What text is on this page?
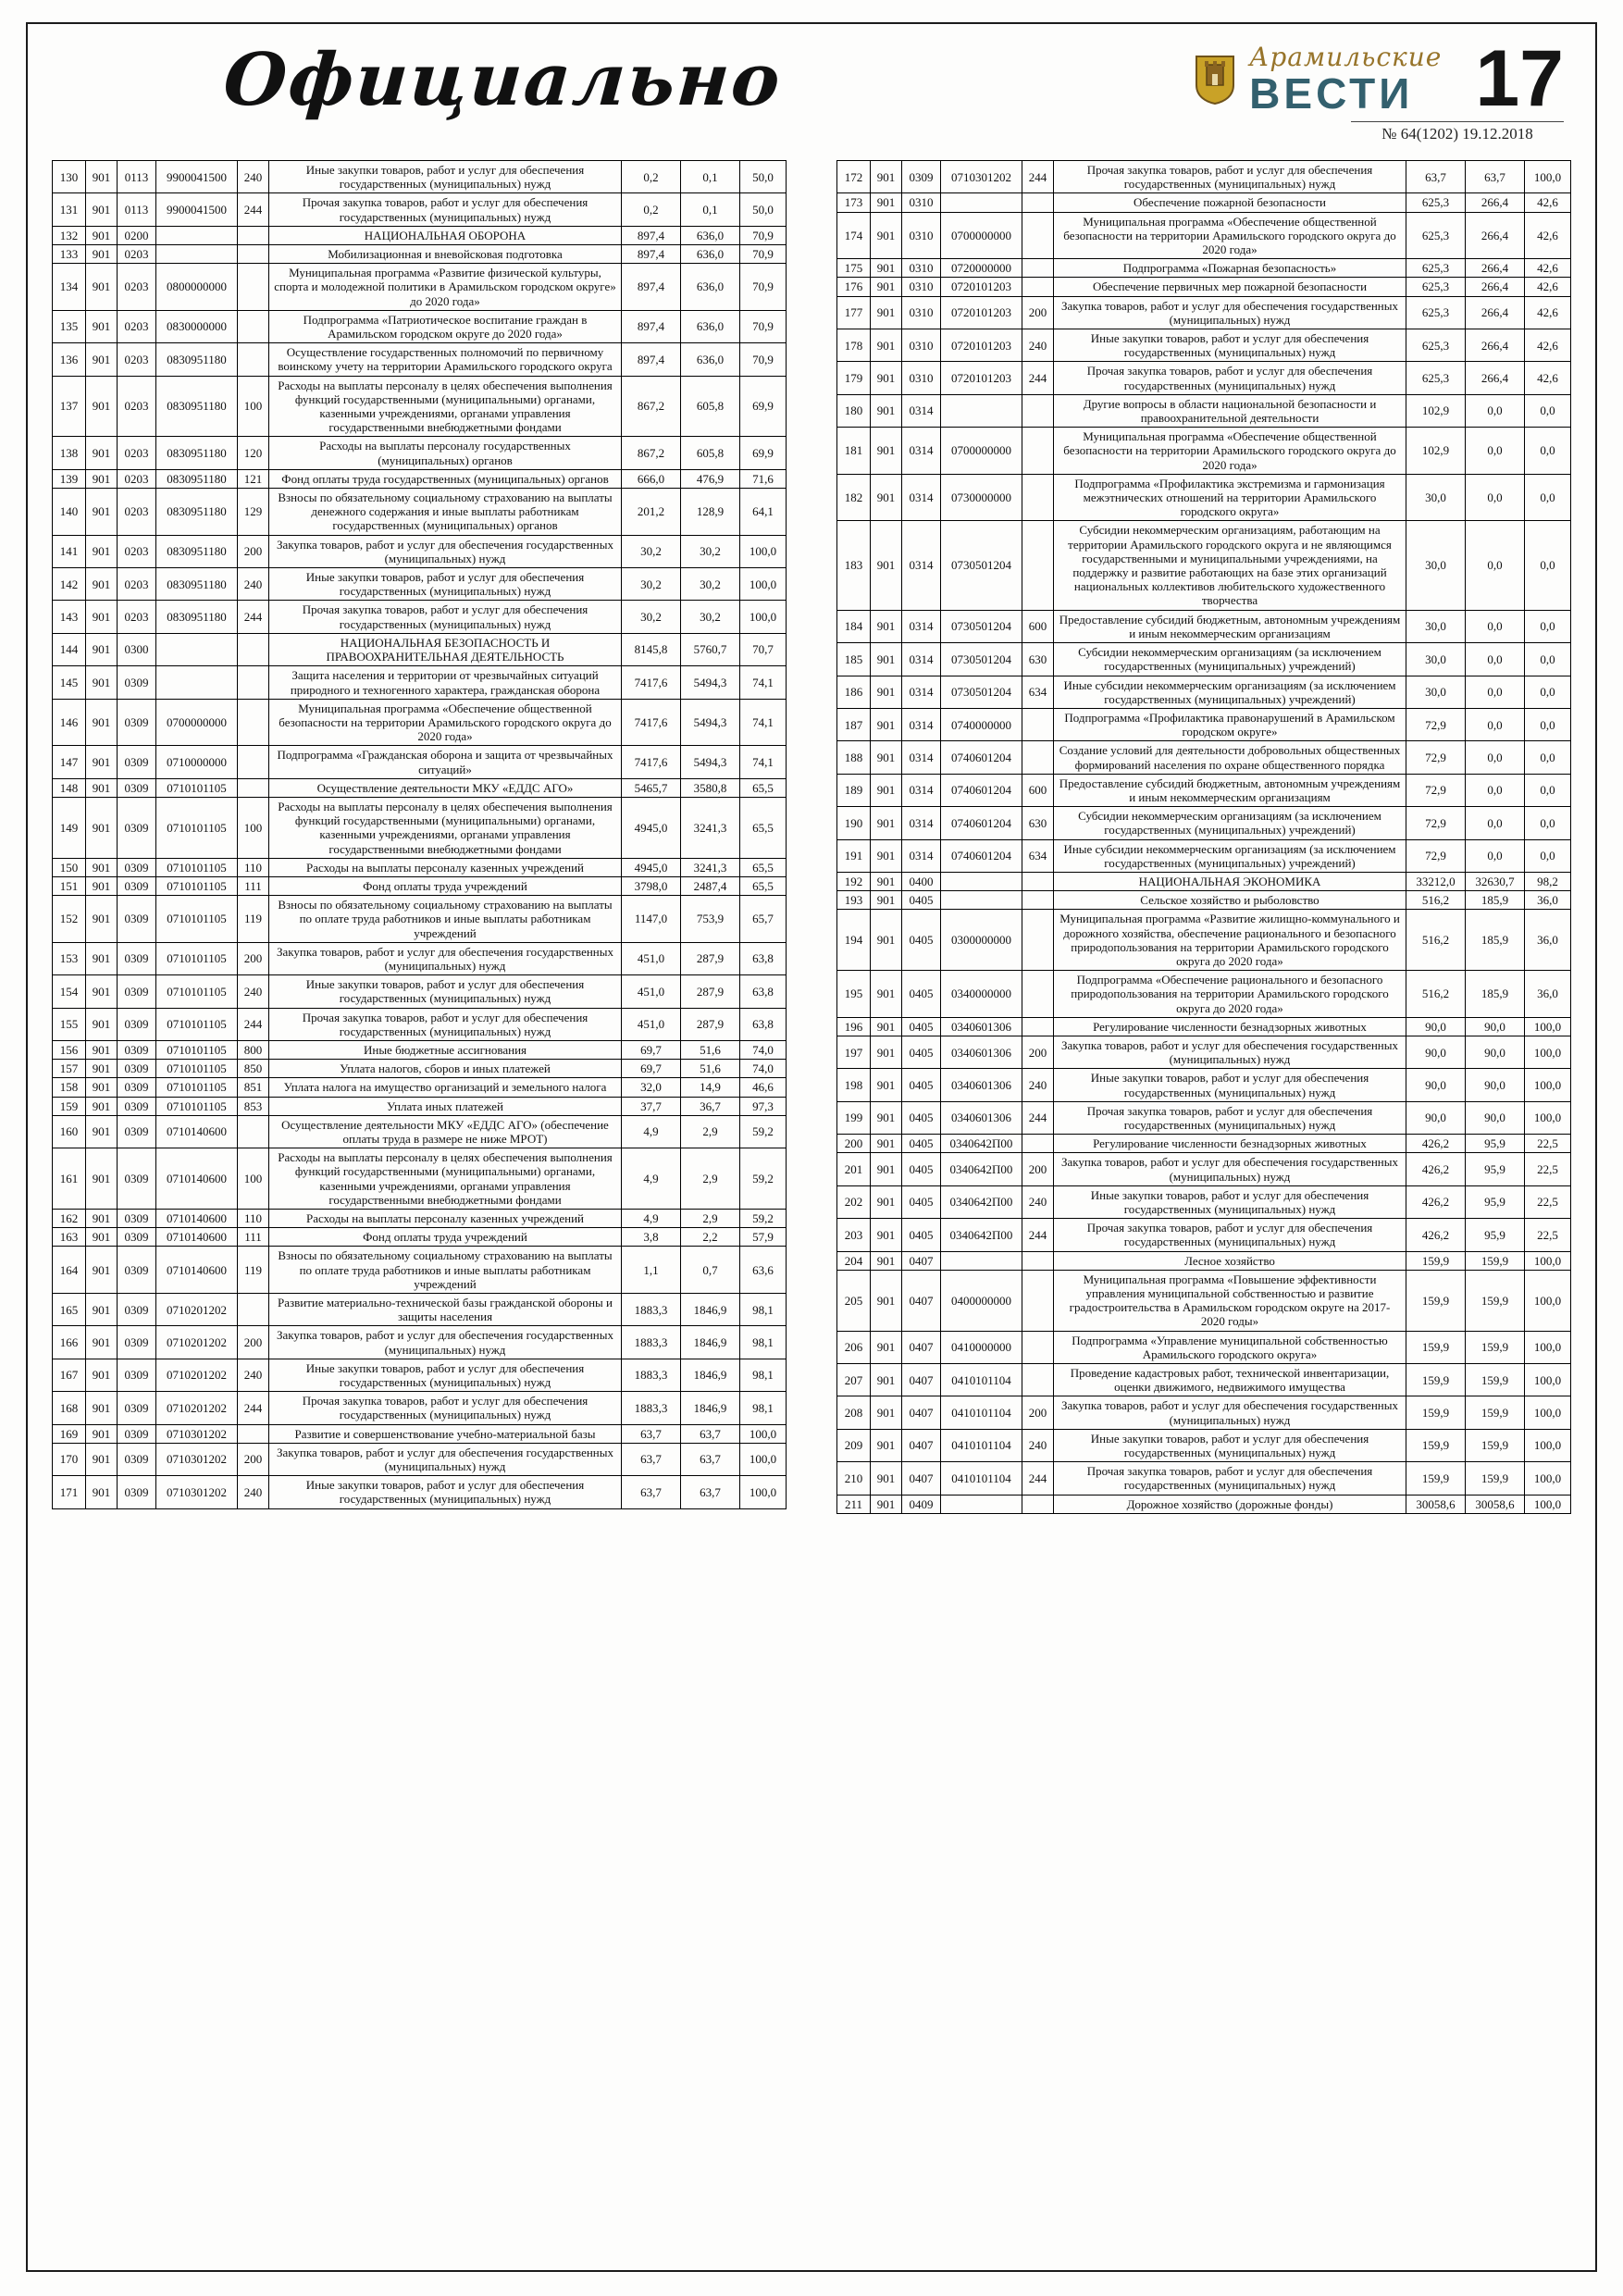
Официально	Арамильские
ВЕСТИ 17
№ 64(1202) 19.12.2018
130	901	0113	9900041500	240	Иные закупки товаров, работ и услуг для обеспечения государственных (муниципальных) нужд	0,2	0,1	50,0
131	901	0113	9900041500	244	Прочая закупка товаров, работ и услуг для обеспечения государственных (муниципальных) нужд	0,2	0,1	50,0
132	901	0200			НАЦИОНАЛЬНАЯ ОБОРОНА	897,4	636,0	70,9
133	901	0203			Мобилизационная и вневойсковая подготовка	897,4	636,0	70,9
134	901	0203	0800000000		Муниципальная программа «Развитие физической культуры, спорта и молодежной политики в Арамильском городском округе» до 2020 года»	897,4	636,0	70,9
135	901	0203	0830000000		Подпрограмма «Патриотическое воспитание граждан в Арамильском городском округе до 2020 года»	897,4	636,0	70,9
136	901	0203	0830951180		Осуществление государственных полномочий по первичному воинскому учету на территории Арамильского городского округа	897,4	636,0	70,9
137	901	0203	0830951180	100	Расходы на выплаты персоналу в целях обеспечения выполнения функций государственными (муниципальными) органами, казенными учреждениями, органами управления государственными внебюджетными фондами	867,2	605,8	69,9
138	901	0203	0830951180	120	Расходы на выплаты персоналу государственных (муниципальных) органов	867,2	605,8	69,9
139	901	0203	0830951180	121	Фонд оплаты труда государственных (муниципальных) органов	666,0	476,9	71,6
140	901	0203	0830951180	129	Взносы по обязательному социальному страхованию на выплаты денежного содержания и иные выплаты работникам государственных (муниципальных) органов	201,2	128,9	64,1
141	901	0203	0830951180	200	Закупка товаров, работ и услуг для обеспечения государственных (муниципальных) нужд	30,2	30,2	100,0
142	901	0203	0830951180	240	Иные закупки товаров, работ и услуг для обеспечения государственных (муниципальных) нужд	30,2	30,2	100,0
143	901	0203	0830951180	244	Прочая закупка товаров, работ и услуг для обеспечения государственных (муниципальных) нужд	30,2	30,2	100,0
144	901	0300			НАЦИОНАЛЬНАЯ БЕЗОПАСНОСТЬ И ПРАВООХРАНИТЕЛЬНАЯ ДЕЯТЕЛЬНОСТЬ	8145,8	5760,7	70,7
145	901	0309			Защита населения и территории от чрезвычайных ситуаций природного и техногенного характера, гражданская оборона	7417,6	5494,3	74,1
146	901	0309	0700000000		Муниципальная программа «Обеспечение общественной безопасности на территории Арамильского городского округа до 2020 года»	7417,6	5494,3	74,1
147	901	0309	0710000000		Подпрограмма «Гражданская оборона и защита от чрезвычайных ситуаций»	7417,6	5494,3	74,1
148	901	0309	0710101105		Осуществление деятельности МКУ «ЕДДС АГО»	5465,7	3580,8	65,5
149	901	0309	0710101105	100	Расходы на выплаты персоналу в целях обеспечения выполнения функций государственными (муниципальными) органами, казенными учреждениями, органами управления государственными внебюджетными фондами	4945,0	3241,3	65,5
150	901	0309	0710101105	110	Расходы на выплаты персоналу казенных учреждений	4945,0	3241,3	65,5
151	901	0309	0710101105	111	Фонд оплаты труда учреждений	3798,0	2487,4	65,5
152	901	0309	0710101105	119	Взносы по обязательному социальному страхованию на выплаты по оплате труда работников и иные выплаты работникам учреждений	1147,0	753,9	65,7
153	901	0309	0710101105	200	Закупка товаров, работ и услуг для обеспечения государственных (муниципальных) нужд	451,0	287,9	63,8
154	901	0309	0710101105	240	Иные закупки товаров, работ и услуг для обеспечения государственных (муниципальных) нужд	451,0	287,9	63,8
155	901	0309	0710101105	244	Прочая закупка товаров, работ и услуг для обеспечения государственных (муниципальных) нужд	451,0	287,9	63,8
156	901	0309	0710101105	800	Иные бюджетные ассигнования	69,7	51,6	74,0
157	901	0309	0710101105	850	Уплата налогов, сборов и иных платежей	69,7	51,6	74,0
158	901	0309	0710101105	851	Уплата налога на имущество организаций и земельного налога	32,0	14,9	46,6
159	901	0309	0710101105	853	Уплата иных платежей	37,7	36,7	97,3
160	901	0309	0710140600		Осуществление деятельности МКУ «ЕДДС АГО» (обеспечение оплаты труда в размере не ниже МРОТ)	4,9	2,9	59,2
161	901	0309	0710140600	100	Расходы на выплаты персоналу в целях обеспечения выполнения функций государственными (муниципальными) органами, казенными учреждениями, органами управления государственными внебюджетными фондами	4,9	2,9	59,2
162	901	0309	0710140600	110	Расходы на выплаты персоналу казенных учреждений	4,9	2,9	59,2
163	901	0309	0710140600	111	Фонд оплаты труда учреждений	3,8	2,2	57,9
164	901	0309	0710140600	119	Взносы по обязательному социальному страхованию на выплаты по оплате труда работников и иные выплаты работникам учреждений	1,1	0,7	63,6
165	901	0309	0710201202		Развитие материально-технической базы гражданской обороны и защиты населения	1883,3	1846,9	98,1
166	901	0309	0710201202	200	Закупка товаров, работ и услуг для обеспечения государственных (муниципальных) нужд	1883,3	1846,9	98,1
167	901	0309	0710201202	240	Иные закупки товаров, работ и услуг для обеспечения государственных (муниципальных) нужд	1883,3	1846,9	98,1
168	901	0309	0710201202	244	Прочая закупка товаров, работ и услуг для обеспечения государственных (муниципальных) нужд	1883,3	1846,9	98,1
169	901	0309	0710301202		Развитие и совершенствование учебно-материальной базы	63,7	63,7	100,0
170	901	0309	0710301202	200	Закупка товаров, работ и услуг для обеспечения государственных (муниципальных) нужд	63,7	63,7	100,0
171	901	0309	0710301202	240	Иные закупки товаров, работ и услуг для обеспечения государственных (муниципальных) нужд	63,7	63,7	100,0
172	901	0309	0710301202	244	Прочая закупка товаров, работ и услуг для обеспечения государственных (муниципальных) нужд	63,7	63,7	100,0
173	901	0310			Обеспечение пожарной безопасности	625,3	266,4	42,6
174	901	0310	0700000000		Муниципальная программа «Обеспечение общественной безопасности на территории Арамильского городского округа до 2020 года»	625,3	266,4	42,6
175	901	0310	0720000000		Подпрограмма «Пожарная безопасность»	625,3	266,4	42,6
176	901	0310	0720101203		Обеспечение первичных мер пожарной безопасности	625,3	266,4	42,6
177	901	0310	0720101203	200	Закупка товаров, работ и услуг для обеспечения государственных (муниципальных) нужд	625,3	266,4	42,6
178	901	0310	0720101203	240	Иные закупки товаров, работ и услуг для обеспечения государственных (муниципальных) нужд	625,3	266,4	42,6
179	901	0310	0720101203	244	Прочая закупка товаров, работ и услуг для обеспечения государственных (муниципальных) нужд	625,3	266,4	42,6
180	901	0314			Другие вопросы в области национальной безопасности и правоохранительной деятельности	102,9	0,0	0,0
181	901	0314	0700000000		Муниципальная программа «Обеспечение общественной безопасности на территории Арамильского городского округа до 2020 года»	102,9	0,0	0,0
182	901	0314	0730000000		Подпрограмма «Профилактика экстремизма и гармонизация межэтнических отношений на территории Арамильского городского округа»	30,0	0,0	0,0
183	901	0314	0730501204		Субсидии некоммерческим организациям, работающим на территории Арамильского городского округа и не являющимся государственными и муниципальными учреждениями, на поддержку и развитие работающих на базе этих организаций национальных коллективов любительского художественного творчества	30,0	0,0	0,0
184	901	0314	0730501204	600	Предоставление субсидий бюджетным, автономным учреждениям и иным некоммерческим организациям	30,0	0,0	0,0
185	901	0314	0730501204	630	Субсидии некоммерческим организациям (за исключением государственных (муниципальных) учреждений)	30,0	0,0	0,0
186	901	0314	0730501204	634	Иные субсидии некоммерческим организациям (за исключением государственных (муниципальных) учреждений)	30,0	0,0	0,0
187	901	0314	0740000000		Подпрограмма «Профилактика правонарушений в Арамильском городском округе»	72,9	0,0	0,0
188	901	0314	0740601204		Создание условий для деятельности добровольных общественных формирований населения по охране общественного порядка	72,9	0,0	0,0
189	901	0314	0740601204	600	Предоставление субсидий бюджетным, автономным учреждениям и иным некоммерческим организациям	72,9	0,0	0,0
190	901	0314	0740601204	630	Субсидии некоммерческим организациям (за исключением государственных (муниципальных) учреждений)	72,9	0,0	0,0
191	901	0314	0740601204	634	Иные субсидии некоммерческим организациям (за исключением государственных (муниципальных) учреждений)	72,9	0,0	0,0
192	901	0400			НАЦИОНАЛЬНАЯ ЭКОНОМИКА	33212,0	32630,7	98,2
193	901	0405			Сельское хозяйство и рыболовство	516,2	185,9	36,0
194	901	0405	0300000000		Муниципальная программа «Развитие жилищно-коммунального и дорожного хозяйства, обеспечение рационального и безопасного природопользования на территории Арамильского городского округа до 2020 года»	516,2	185,9	36,0
195	901	0405	0340000000		Подпрограмма «Обеспечение рационального и безопасного природопользования на территории Арамильского городского округа до 2020 года»	516,2	185,9	36,0
196	901	0405	0340601306		Регулирование численности безнадзорных животных	90,0	90,0	100,0
197	901	0405	0340601306	200	Закупка товаров, работ и услуг для обеспечения государственных (муниципальных) нужд	90,0	90,0	100,0
198	901	0405	0340601306	240	Иные закупки товаров, работ и услуг для обеспечения государственных (муниципальных) нужд	90,0	90,0	100,0
199	901	0405	0340601306	244	Прочая закупка товаров, работ и услуг для обеспечения государственных (муниципальных) нужд	90,0	90,0	100,0
200	901	0405	0340642П00		Регулирование численности безнадзорных животных	426,2	95,9	22,5
201	901	0405	0340642П00	200	Закупка товаров, работ и услуг для обеспечения государственных (муниципальных) нужд	426,2	95,9	22,5
202	901	0405	0340642П00	240	Иные закупки товаров, работ и услуг для обеспечения государственных (муниципальных) нужд	426,2	95,9	22,5
203	901	0405	0340642П00	244	Прочая закупка товаров, работ и услуг для обеспечения государственных (муниципальных) нужд	426,2	95,9	22,5
204	901	0407			Лесное хозяйство	159,9	159,9	100,0
205	901	0407	0400000000		Муниципальная программа «Повышение эффективности управления муниципальной собственностью и развитие градостроительства в Арамильском городском округе на 2017-2020 годы»	159,9	159,9	100,0
206	901	0407	0410000000		Подпрограмма «Управление муниципальной собственностью Арамильского городского округа»	159,9	159,9	100,0
207	901	0407	0410101104		Проведение кадастровых работ, технической инвентаризации, оценки движимого, недвижимого имущества	159,9	159,9	100,0
208	901	0407	0410101104	200	Закупка товаров, работ и услуг для обеспечения государственных (муниципальных) нужд	159,9	159,9	100,0
209	901	0407	0410101104	240	Иные закупки товаров, работ и услуг для обеспечения государственных (муниципальных) нужд	159,9	159,9	100,0
210	901	0407	0410101104	244	Прочая закупка товаров, работ и услуг для обеспечения государственных (муниципальных) нужд	159,9	159,9	100,0
211	901	0409			Дорожное хозяйство (дорожные фонды)	30058,6	30058,6	100,0
